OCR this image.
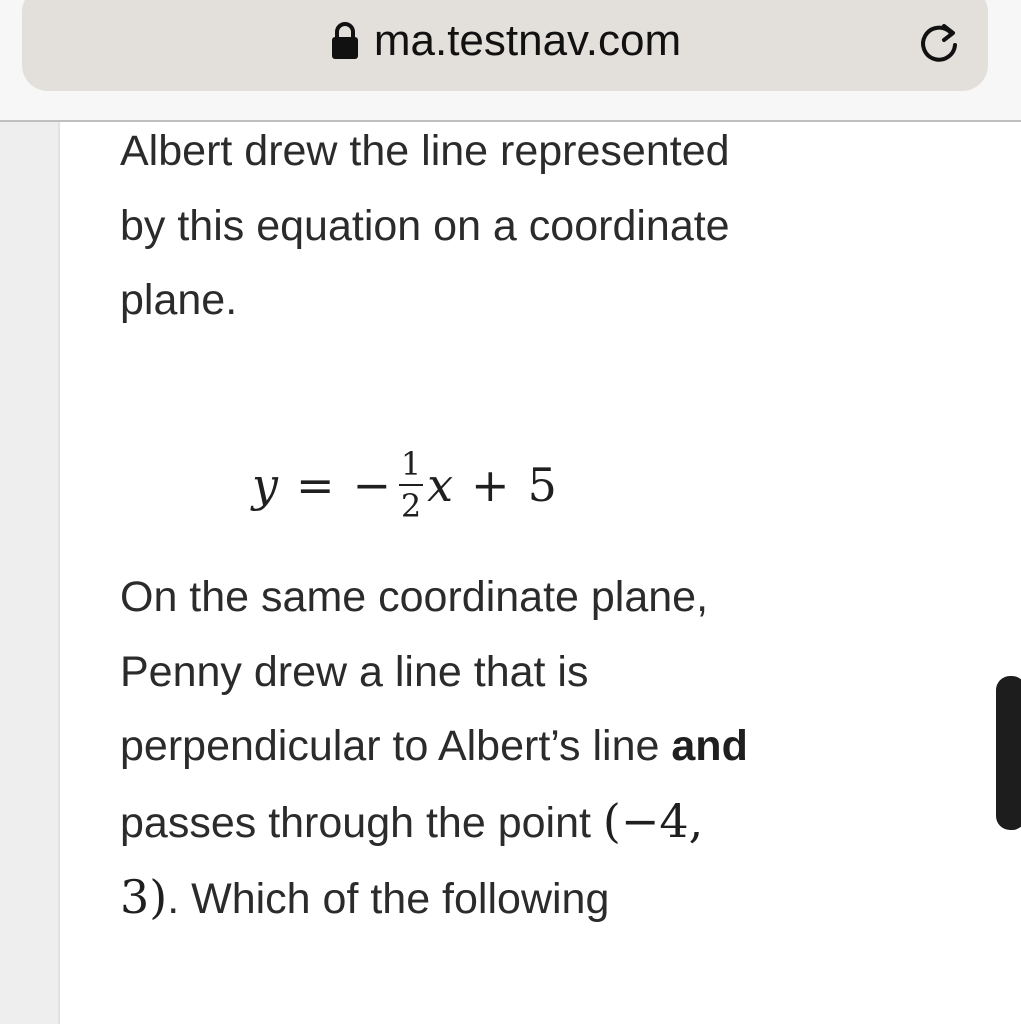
ma.testnav.com

Albert drew the line represented by this equation on a coordinate plane.

y = − $\frac{1}{2}$ x + 5

On the same coordinate plane, Penny drew a line that is perpendicular to Albert’s line and passes through the point (−4, 3). Which of the following
